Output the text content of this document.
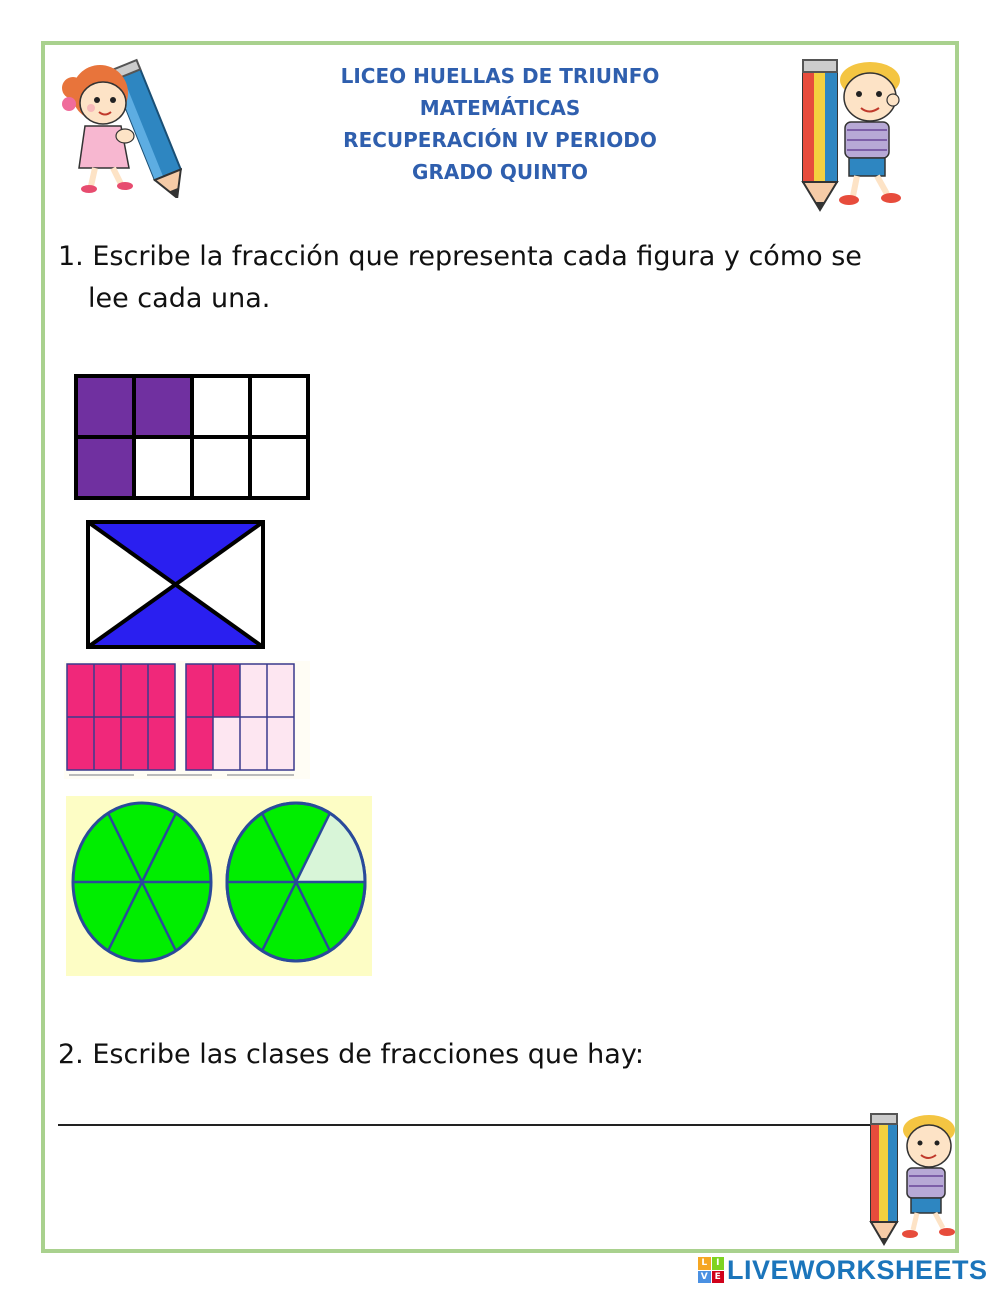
LICEO HUELLAS DE TRIUNFO
MATEMÁTICAS
RECUPERACIÓN IV PERIODO
GRADO QUINTO
1. Escribe la fracción que representa cada figura y cómo se
lee cada una.
2. Escribe las clases de fracciones que hay:
L I
V E LIVEWORKSHEETS
